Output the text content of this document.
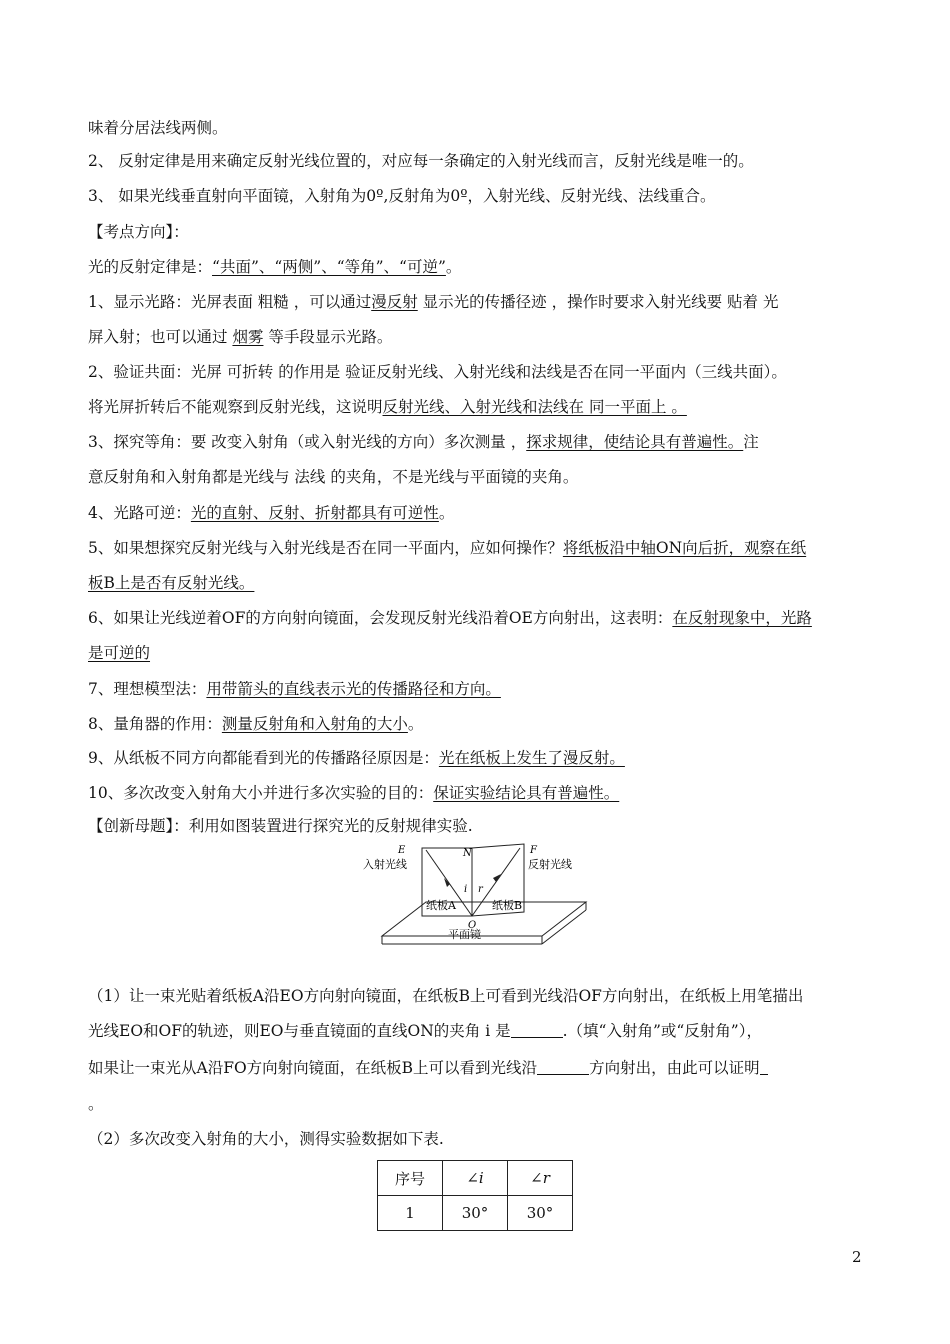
味着分居法线两侧。
2、 反射定律是用来确定反射光线位置的，对应每一条确定的入射光线而言，反射光线是唯一的。
3、 如果光线垂直射向平面镜，入射角为0º,反射角为0º，入射光线、反射光线、法线重合。
【考点方向】：
光的反射定律是：“共面”、“两侧”、“等角”、“可逆”。
1、显示光路：光屏表面 粗糙 ，可以通过漫反射 显示光的传播径迹 ，操作时要求入射光线要 贴着 光
屏入射；也可以通过 烟雾 等手段显示光路。
2、验证共面：光屏 可折转 的作用是 验证反射光线、入射光线和法线是否在同一平面内（三线共面）。
将光屏折转后不能观察到反射光线，这说明反射光线、入射光线和法线在 同一平面上 。
3、探究等角：要 改变入射角（或入射光线的方向）多次测量 ，探求规律，使结论具有普遍性。注
意反射角和入射角都是光线与 法线 的夹角，不是光线与平面镜的夹角。
4、光路可逆：光的直射、反射、折射都具有可逆性。
5、如果想探究反射光线与入射光线是否在同一平面内，应如何操作？将纸板沿中轴ON向后折，观察在纸
板B上是否有反射光线。
6、如果让光线逆着OF的方向射向镜面，会发现反射光线沿着OE方向射出，这表明：在反射现象中，光路
是可逆的
7、理想模型法：用带箭头的直线表示光的传播路径和方向。
8、量角器的作用：测量反射角和入射角的大小。
9、从纸板不同方向都能看到光的传播路径原因是：光在纸板上发生了漫反射。
10、多次改变入射角大小并进行多次实验的目的：保证实验结论具有普遍性。
【创新母题】：利用如图装置进行探究光的反射规律实验.
E
入射光线
N	F
反射光线
i r
纸板A	纸板B
O
平面镜
（1）让一束光贴着纸板A沿EO方向射向镜面，在纸板B上可看到光线沿OF方向射出，在纸板上用笔描出
光线EO和OF的轨迹，则EO与垂直镜面的直线ON的夹角 i 是	.（填“入射角”或“反射角”），
如果让一束光从A沿FO方向射向镜面，在纸板B上可以看到光线沿	方向射出，由此可以证明
。
（2）多次改变入射角的大小，测得实验数据如下表.
序号	∠i	∠r
1	30°	30°
2
